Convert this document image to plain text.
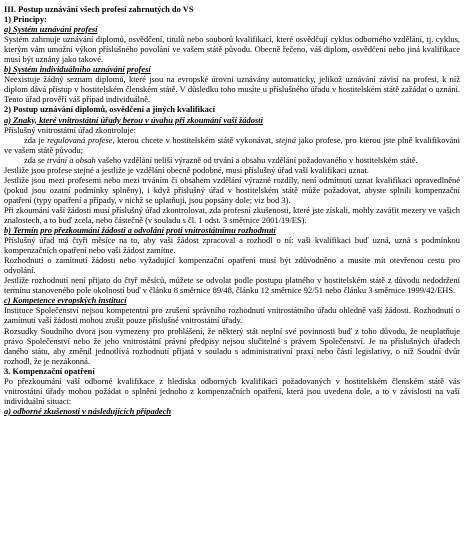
III. Postup uznávání všech profesí zahrnutých do VS
1) Principy:
a) Systém uznávání profesí

Systém zahrnuje uznávání diplomů, osvědčení, titulů nebo souborů kvalifikací, které osvědčují cyklus odborného vzdělání, tj. cyklus, kterým vám umožní výkon příslušného povolání ve vašem státě původu. Obecně řečeno, váš diplom, osvědčení nebo jiná kvalifikace musí být uznány jako takové.

b) Systém individuálního uznávání profesí

Neexistuje žádný seznam diplomů, které jsou na evropské úrovni uznávány automaticky, jelikož uznávání závisí na profesi, k níž diplom dává přístup v hostitelském členském státě. V důsledku toho musíte u příslušného úřadu v hostitelském státě zažádat o uznání. Tento úřad prověří váš případ individuálně.

2) Postup uznávání diplomů, osvědčení a jiných kvalifikací
a) Znaky, které vnitrostátní úřady berou v úvahu při zkoumání vaší žádosti

Příslušný vnitrostátní úřad zkontroluje:

zda je regulovaná profese, kterou chcete v hostitelském státě vykonávat, stejná jako profese, pro kterou jste plně kvalifikováni ve vašem státě původu;

zda se trvání a obsah vašeho vzdělání neliší výrazně od trvání a obsahu vzdělání požadovaného v hostitelském státě.

Jestliže jsou profese stejné a jestliže je vzdělání obecně podobné, musí příslušný úřad vaši kvalifikaci uznat.

Jestliže jsou mezi profesemi nebo mezi trváním či obsahem vzdělání výrazné rozdíly, není odmítnutí uznat kvalifikaci opravedlněné (pokud jsou ozatní podmínky splněny), i když příslušný úřad v hostitelském státě může požadovat, abyste splnili kompenzační opatření (typy opatření a případy, v nichž se uplatňují, jsou popsány dole; viz bod 3).

Při zkoumání vaší žádosti musí příslušný úřad zkontrolovat, zda profesní zkušenosti, které jste získali, mohly zaváfit mezery ve vašich znalostech, a to buď zcela, nebo částečně (v souladu s čl. 1 odst. 3 směrnice 2001/19/ES).

b) Termín pro přezkoumání žádosti a odvolání proti vnitrostátnímu rozhodnutí

Příslušný úřad má čtyři měsíce na to, aby vaši žádost zpracoval a rozhodl o ní: vaši kvalifikaci buď uzná, uzná s podmínkou kompenzačních opatření nebo vaši žádost zamítne.

Rozhodnutí o zamítnutí žádosti nebo vyžadující kompenzační opatření musí být zdůvodněno a musíte mít otevřenou cestu pro odvolání.

Jestliže rozhodnutí není přijato do čtyř měsíců, můžete se odvolat podle postupu platného v hostitelském státě z důvodu nedodržení termínu stanoveného pole okolností buď v článku 8 směrnice 89/48, článku 12 směrnice 92/51 nebo článku 3 směrnice 1999/42/EHS.

c) Kompetence evropských institucí

Instituce Společenství nejsou kompetentní pro zrušení správního rozhodnutí vnitrostátního úřadu ohledně vaší žádosti. Rozhodnutí o zamítnutí vaší žádosti mohou zrušit pouze příslušné vnitrostátní úřady.

Rozsudky Soudního dvora jsou vymezeny pro prohlášení, že některý stát neplní své povinnosti buď z toho důvodu, že neuplatňuje právo Společenství nebo že jeho vnitrostátní právní předpisy nejsou slučitelné s právem Společenství. Je na příslušných úřadech daného státu, aby změnil jednotlivá rozhodnutí přijatá v souladu s administrativní praxí nebo částí legislativy, o níž Soudní dvůr rozhodl, že je nezákonná.

3. Kompenzační opatření

Po přezkoumání vaší odborné kvalifikace z hlediska odborných kvalifikací požadovaných v hostitelském členském státě vás vnitrostátní úřady mohou požádat o splnění jednoho z kompenzačních opatření, která jsou uvedena dole, a to v závislosti na vaší individuální situaci:

a) odborné zkušenosti v následujících případech
